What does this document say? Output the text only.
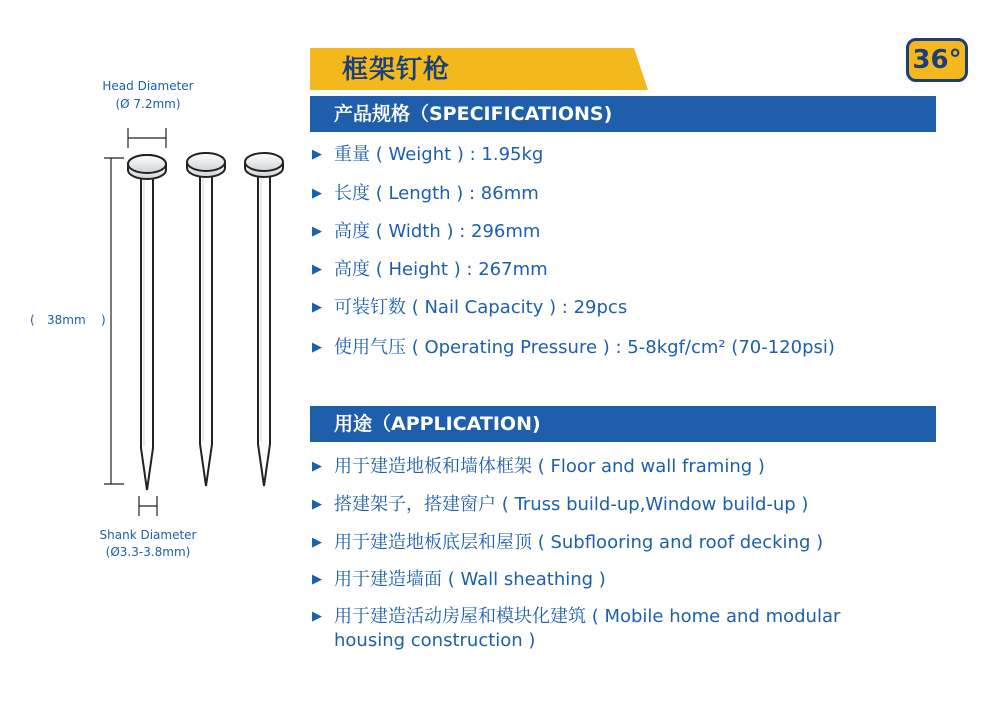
Head Diameter
(Ø 7.2mm)
( 38mm )
Shank Diameter
(Ø3.3-3.8mm)
框架钉枪	36°
产品规格（SPECIFICATIONS)
▶ 重量 ( Weight ) : 1.95kg
▶ 长度 ( Length ) : 86mm
▶ 高度 ( Width ) : 296mm
▶ 高度 ( Height ) : 267mm
▶ 可装钉数 ( Nail Capacity ) : 29pcs
▶ 使用气压 ( Operating Pressure ) : 5-8kgf/cm² (70-120psi)
用途（APPLICATION)
▶ 用于建造地板和墙体框架 ( Floor and wall framing )
▶ 搭建架子，搭建窗户 ( Truss build-up,Window build-up )
▶ 用于建造地板底层和屋顶 ( Subflooring and roof decking )
▶ 用于建造墙面 ( Wall sheathing )
▶ 用于建造活动房屋和模块化建筑 ( Mobile home and modular housing construction )
